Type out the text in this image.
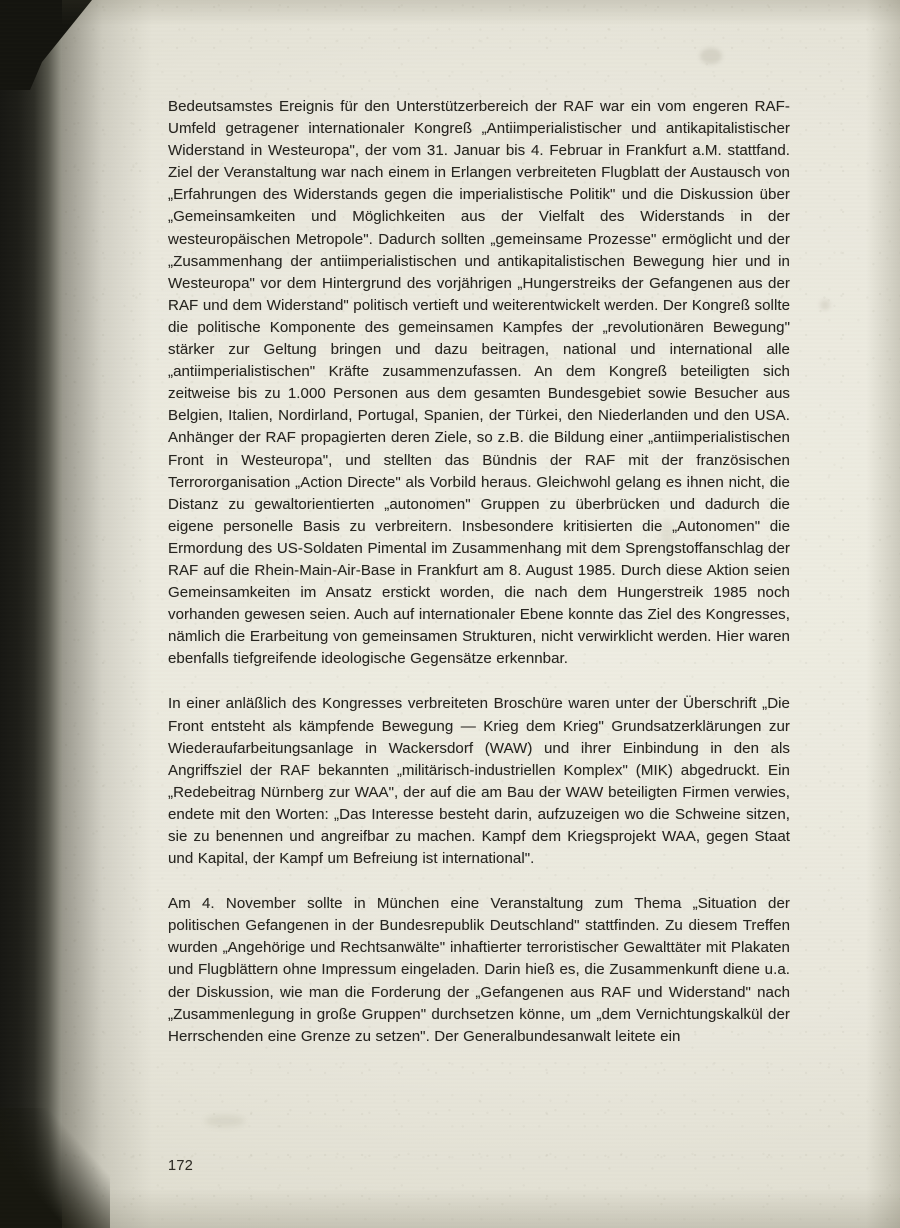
Bedeutsamstes Ereignis für den Unterstützerbereich der RAF war ein vom engeren RAF-Umfeld getragener internationaler Kongreß „Antiimperialistischer und antikapitalistischer Widerstand in Westeuropa", der vom 31. Januar bis 4. Februar in Frankfurt a.M. stattfand. Ziel der Veranstaltung war nach einem in Erlangen verbreiteten Flugblatt der Austausch von „Erfahrungen des Widerstands gegen die imperialistische Politik" und die Diskussion über „Gemeinsamkeiten und Möglichkeiten aus der Vielfalt des Widerstands in der westeuropäischen Metropole". Dadurch sollten „gemeinsame Prozesse" ermöglicht und der „Zusammenhang der antiimperialistischen und antikapitalistischen Bewegung hier und in Westeuropa" vor dem Hintergrund des vorjährigen „Hungerstreiks der Gefangenen aus der RAF und dem Widerstand" politisch vertieft und weiterentwickelt werden. Der Kongreß sollte die politische Komponente des gemeinsamen Kampfes der „revolutionären Bewegung" stärker zur Geltung bringen und dazu beitragen, national und international alle „antiimperialistischen" Kräfte zusammenzufassen. An dem Kongreß beteiligten sich zeitweise bis zu 1.000 Personen aus dem gesamten Bundesgebiet sowie Besucher aus Belgien, Italien, Nordirland, Portugal, Spanien, der Türkei, den Niederlanden und den USA. Anhänger der RAF propagierten deren Ziele, so z.B. die Bildung einer „antiimperialistischen Front in Westeuropa", und stellten das Bündnis der RAF mit der französischen Terrororganisation „Action Directe" als Vorbild heraus. Gleichwohl gelang es ihnen nicht, die Distanz zu gewaltorientierten „autonomen" Gruppen zu überbrücken und dadurch die eigene personelle Basis zu verbreitern. Insbesondere kritisierten die „Autonomen" die Ermordung des US-Soldaten Pimental im Zusammenhang mit dem Sprengstoffanschlag der RAF auf die Rhein-Main-Air-Base in Frankfurt am 8. August 1985. Durch diese Aktion seien Gemeinsamkeiten im Ansatz erstickt worden, die nach dem Hungerstreik 1985 noch vorhanden gewesen seien. Auch auf internationaler Ebene konnte das Ziel des Kongresses, nämlich die Erarbeitung von gemeinsamen Strukturen, nicht verwirklicht werden. Hier waren ebenfalls tiefgreifende ideologische Gegensätze erkennbar.

In einer anläßlich des Kongresses verbreiteten Broschüre waren unter der Überschrift „Die Front entsteht als kämpfende Bewegung — Krieg dem Krieg" Grundsatzerklärungen zur Wiederaufarbeitungsanlage in Wackersdorf (WAW) und ihrer Einbindung in den als Angriffsziel der RAF bekannten „militärisch-industriellen Komplex" (MIK) abgedruckt. Ein „Redebeitrag Nürnberg zur WAA", der auf die am Bau der WAW beteiligten Firmen verwies, endete mit den Worten: „Das Interesse besteht darin, aufzuzeigen wo die Schweine sitzen, sie zu benennen und angreifbar zu machen. Kampf dem Kriegsprojekt WAA, gegen Staat und Kapital, der Kampf um Befreiung ist international".

Am 4. November sollte in München eine Veranstaltung zum Thema „Situation der politischen Gefangenen in der Bundesrepublik Deutschland" stattfinden. Zu diesem Treffen wurden „Angehörige und Rechtsanwälte" inhaftierter terroristischer Gewalttäter mit Plakaten und Flugblättern ohne Impressum eingeladen. Darin hieß es, die Zusammenkunft diene u.a. der Diskussion, wie man die Forderung der „Gefangenen aus RAF und Widerstand" nach „Zusammenlegung in große Gruppen" durchsetzen könne, um „dem Vernichtungskalkül der Herrschenden eine Grenze zu setzen". Der Generalbundesanwalt leitete ein

172
